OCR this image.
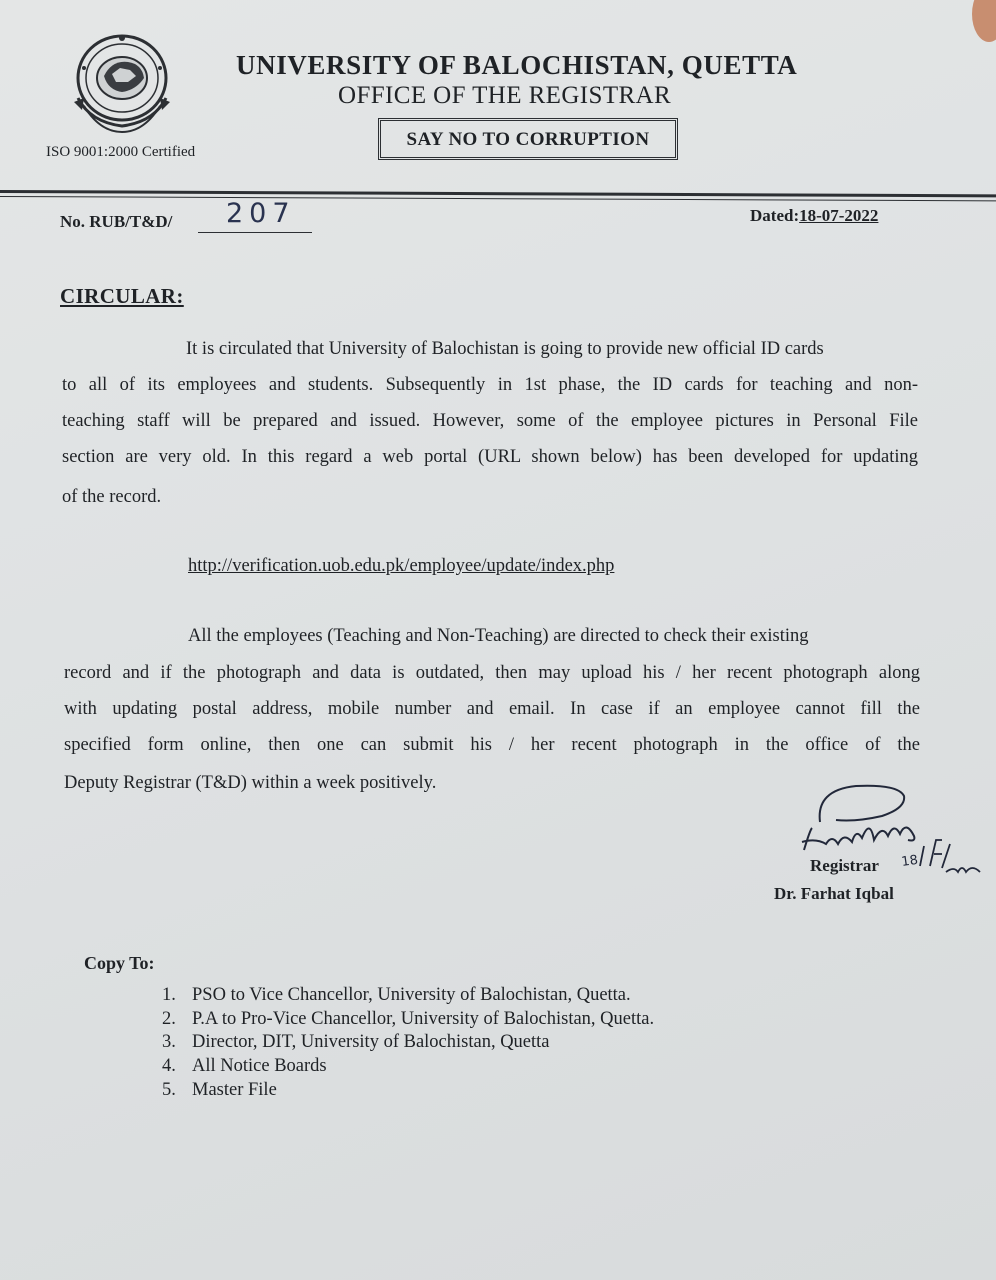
UNIVERSITY OF BALOCHISTAN, QUETTA
OFFICE OF THE REGISTRAR
SAY NO TO CORRUPTION
ISO 9001:2000 Certified
No. RUB/T&D/ 207	Dated:18-07-2022
CIRCULAR:
It is circulated that University of Balochistan is going to provide new official ID cards
to all of its employees and students. Subsequently in 1st phase, the ID cards for teaching and non-
teaching staff will be prepared and issued. However, some of the employee pictures in Personal File
section are very old. In this regard a web portal (URL shown below) has been developed for updating
of the record.
http://verification.uob.edu.pk/employee/update/index.php
All the employees (Teaching and Non-Teaching) are directed to check their existing
record and if the photograph and data is outdated, then may upload his / her recent photograph along
with updating postal address, mobile number and email. In case if an employee cannot fill the
specified form online, then one can submit his / her recent photograph in the office of the
Deputy Registrar (T&D) within a week positively.
18
Registrar
Dr. Farhat Iqbal
Copy To:
1. PSO to Vice Chancellor, University of Balochistan, Quetta.
2. P.A to Pro-Vice Chancellor, University of Balochistan, Quetta.
3. Director, DIT, University of Balochistan, Quetta
4. All Notice Boards
5. Master File
